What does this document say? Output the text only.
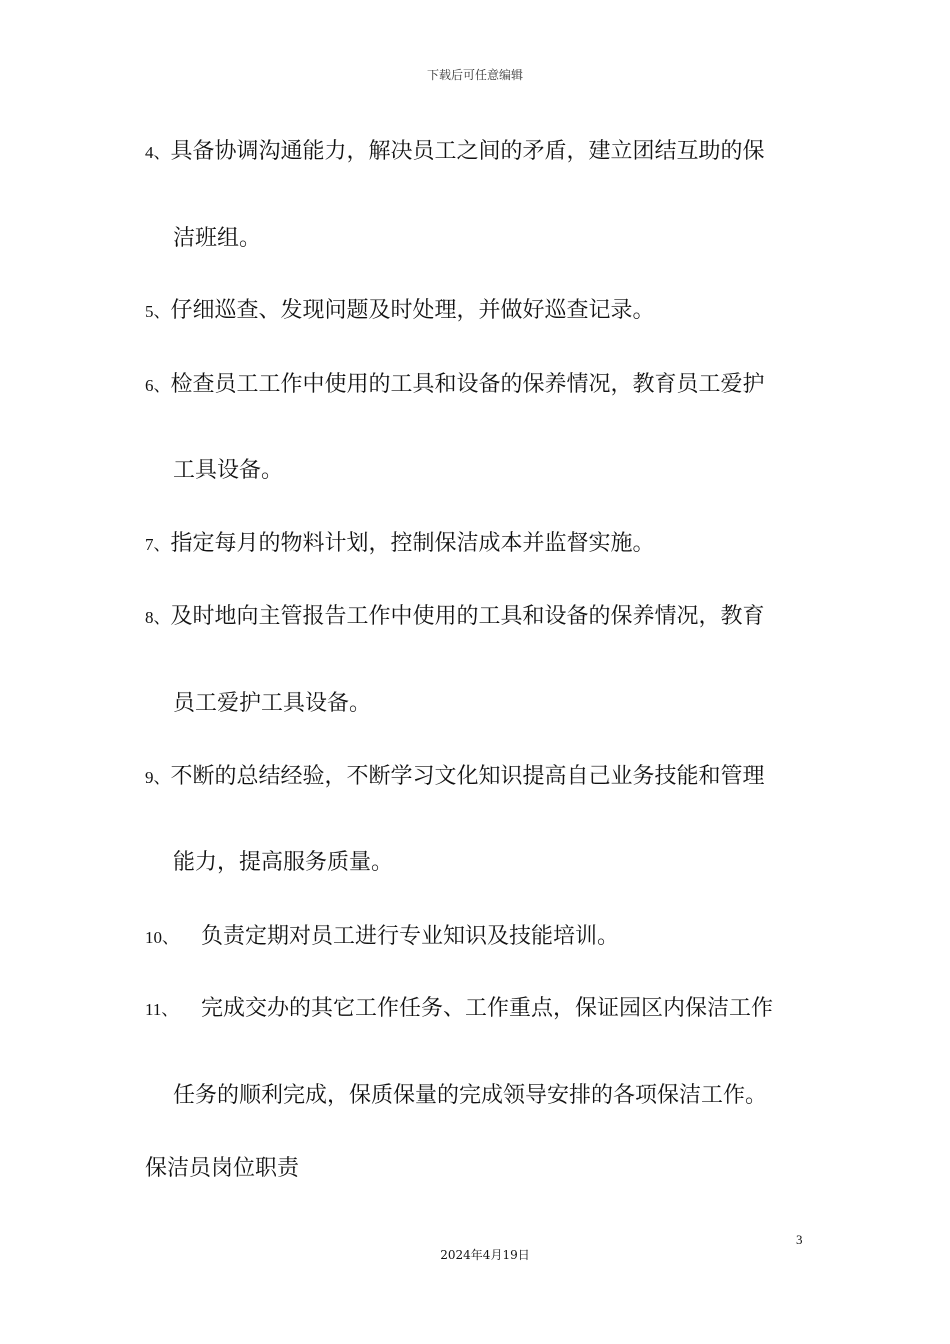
下载后可任意编辑
4、具备协调沟通能力，解决员工之间的矛盾，建立团结互助的保
洁班组。
5、仔细巡查、发现问题及时处理，并做好巡查记录。
6、检查员工工作中使用的工具和设备的保养情况，教育员工爱护
工具设备。
7、指定每月的物料计划，控制保洁成本并监督实施。
8、及时地向主管报告工作中使用的工具和设备的保养情况，教育
员工爱护工具设备。
9、不断的总结经验，不断学习文化知识提高自己业务技能和管理
能力，提高服务质量。
10、 负责定期对员工进行专业知识及技能培训。
11、 完成交办的其它工作任务、工作重点，保证园区内保洁工作
任务的顺利完成，保质保量的完成领导安排的各项保洁工作。
保洁员岗位职责
3
2024年4月19日
